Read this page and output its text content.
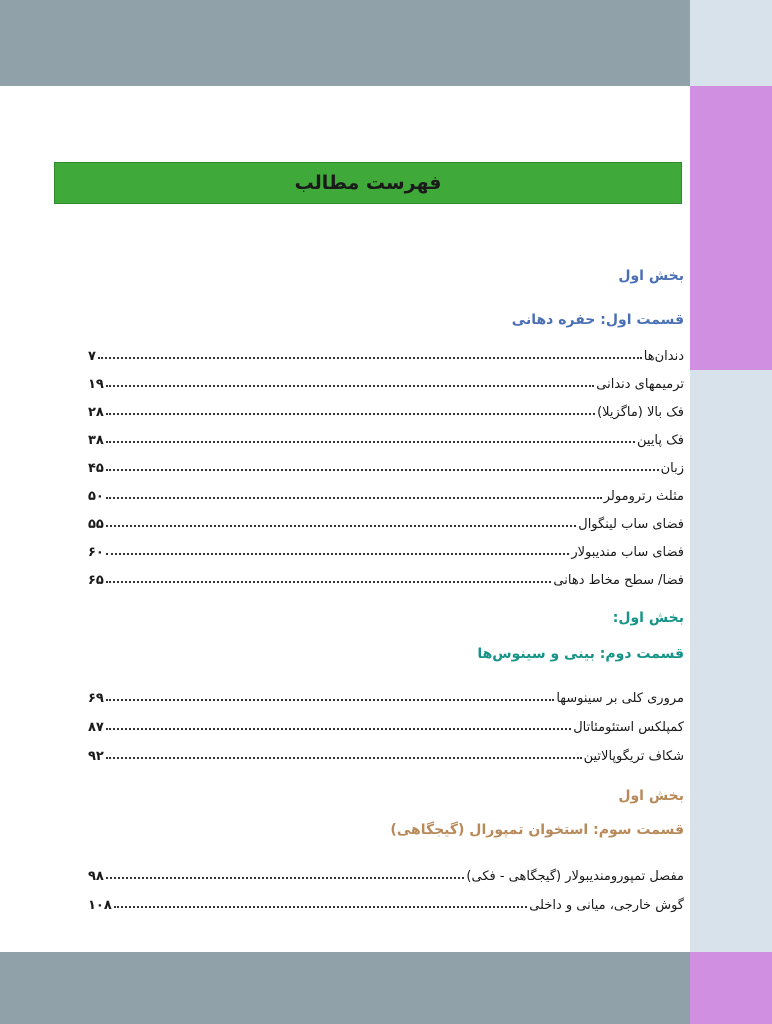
فهرست مطالب
بخش اول
قسمت اول: حفره دهانی
دندان‌ها
۷
ترمیمهای دندانی
۱۹
فک بالا (ماگزیلا)
۲۸
فک پایین
۳۸
زبان
۴۵
مثلث رترومولر
۵۰
فضای ساب لینگوال
۵۵
فضای ساب مندیبولار
۶۰
فضا/ سطح مخاط دهانی
۶۵
بخش اول:
قسمت دوم: بینی و سینوس‌ها
مروری کلی بر سینوسها
۶۹
کمپلکس استئومئاتال
۸۷
شکاف تریگوپالاتین
۹۲
بخش اول
قسمت سوم: استخوان تمپورال (گیجگاهی)
مفصل تمپورومندیبولار (گیجگاهی - فکی)
۹۸
گوش خارجی، میانی و داخلی
۱۰۸
